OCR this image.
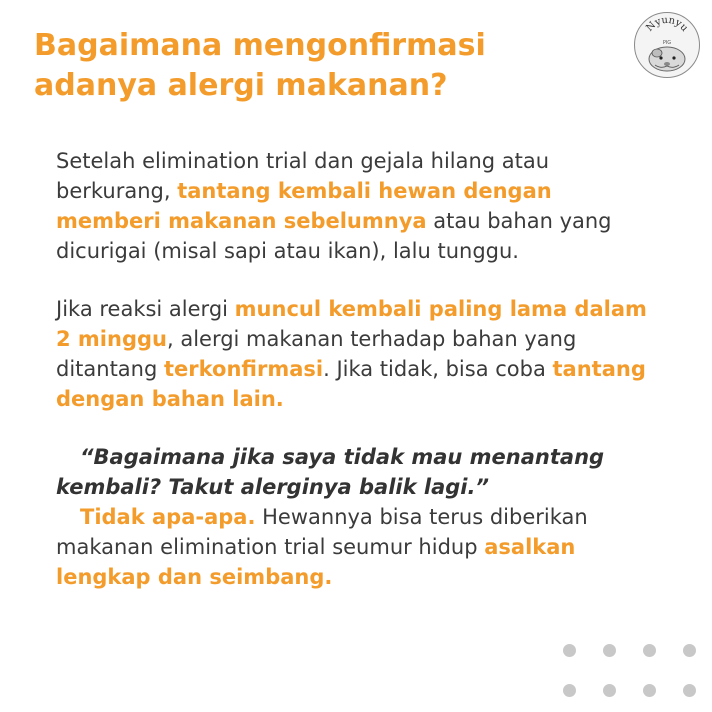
Bagaimana mengonfirmasi
adanya alergi makanan?
Nyunyu
PIG

Setelah elimination trial dan gejala hilang atau berkurang, tantang kembali hewan dengan memberi makanan sebelumnya atau bahan yang dicurigai (misal sapi atau ikan), lalu tunggu.

Jika reaksi alergi muncul kembali paling lama dalam 2 minggu, alergi makanan terhadap bahan yang ditantang terkonfirmasi. Jika tidak, bisa coba tantang dengan bahan lain.

“Bagaimana jika saya tidak mau menantang kembali? Takut alerginya balik lagi.”
Tidak apa-apa. Hewannya bisa terus diberikan makanan elimination trial seumur hidup asalkan lengkap dan seimbang.
